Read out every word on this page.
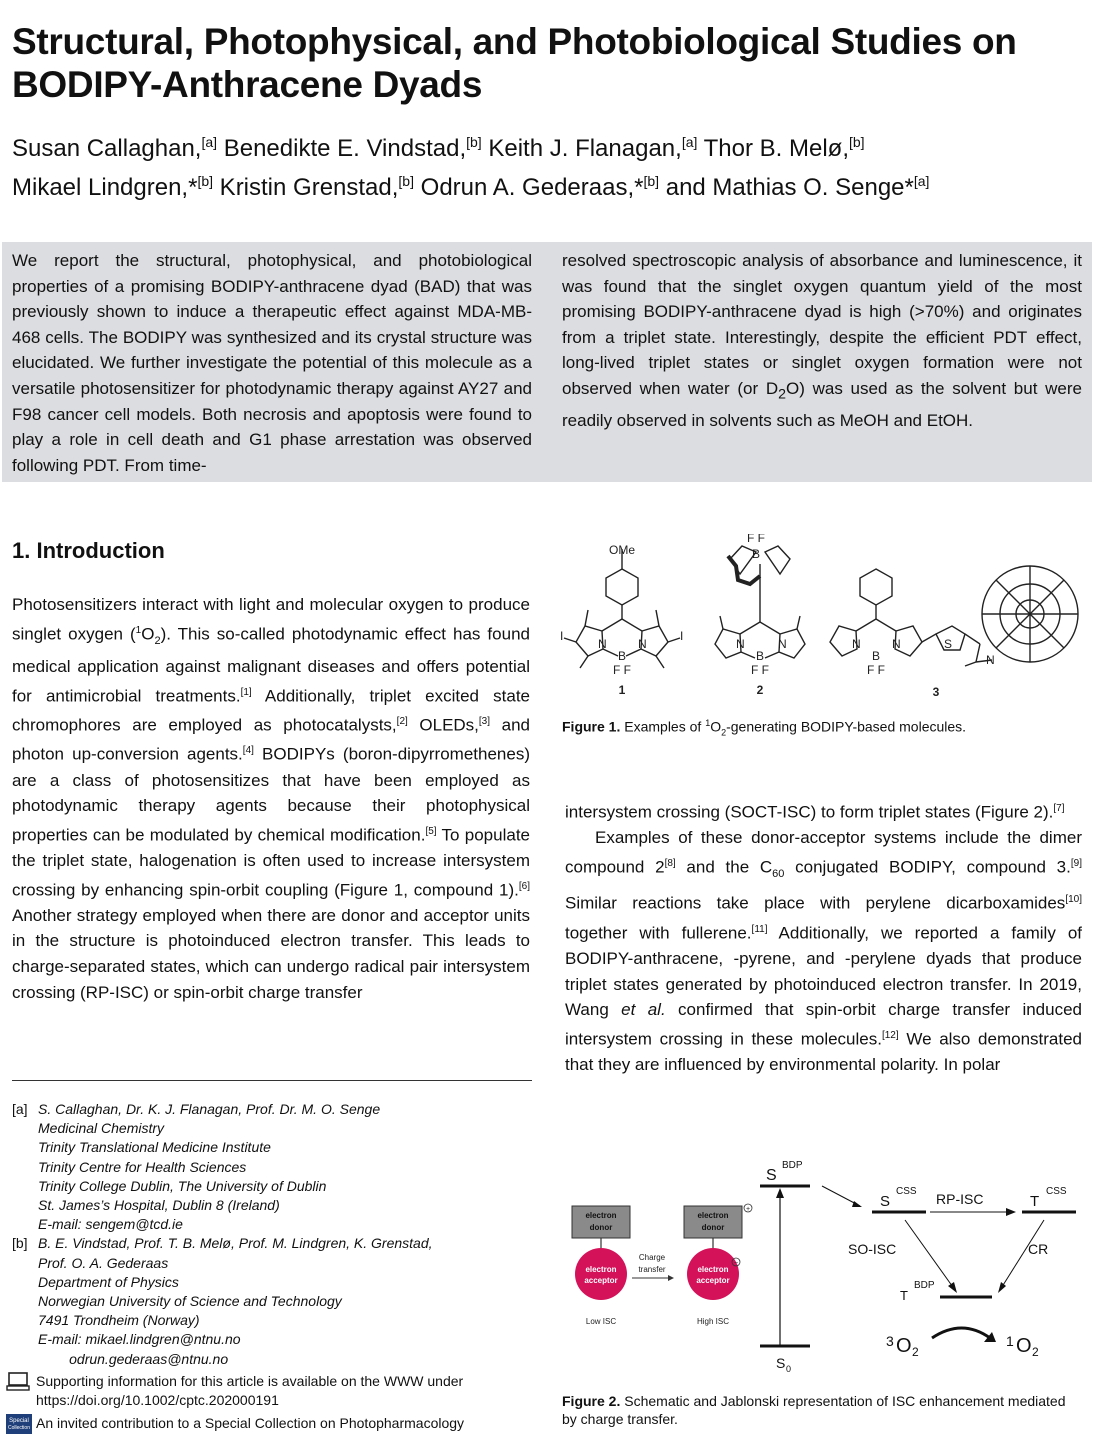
Structural, Photophysical, and Photobiological Studies on BODIPY-Anthracene Dyads
Susan Callaghan,[a] Benedikte E. Vindstad,[b] Keith J. Flanagan,[a] Thor B. Melø,[b]
Mikael Lindgren,*[b] Kristin Grenstad,[b] Odrun A. Gederaas,*[b] and Mathias O. Senge*[a]
We report the structural, photophysical, and photobiological properties of a promising BODIPY-anthracene dyad (BAD) that was previously shown to induce a therapeutic effect against MDA-MB-468 cells. The BODIPY was synthesized and its crystal structure was elucidated. We further investigate the potential of this molecule as a versatile photosensitizer for photodynamic therapy against AY27 and F98 cancer cell models. Both necrosis and apoptosis were found to play a role in cell death and G1 phase arrestation was observed following PDT. From time-
resolved spectroscopic analysis of absorbance and luminescence, it was found that the singlet oxygen quantum yield of the most promising BODIPY-anthracene dyad is high (>70%) and originates from a triplet state. Interestingly, despite the efficient PDT effect, long-lived triplet states or singlet oxygen formation were not observed when water (or $D_2O$) was used as the solvent but were readily observed in solvents such as MeOH and EtOH.
1. Introduction

Photosensitizers interact with light and molecular oxygen to produce singlet oxygen $(^1O_2)$. This so-called photodynamic effect has found medical application against malignant diseases and offers potential for antimicrobial treatments.[1] Additionally, triplet excited state chromophores are employed as photocatalysts,[2] OLEDs,[3] and photon up-conversion agents.[4] BODIPYs (boron-dipyrromethenes) are a class of photosensitizes that have been employed as photodynamic therapy agents because their photophysical properties can be modulated by chemical modification.[5] To populate the triplet state, halogenation is often used to increase intersystem crossing by enhancing spin-orbit coupling (Figure 1, compound 1).[6] Another strategy employed when there are donor and acceptor units in the structure is photoinduced electron transfer. This leads to charge-separated states, which can undergo radical pair intersystem crossing (RP-ISC) or spin-orbit charge transfer

intersystem crossing (SOCT-ISC) to form triplet states (Figure 2).[7]

Examples of these donor-acceptor systems include the dimer compound 2[8] and the $C_{60}$ conjugated BODIPY, compound 3.[9] Similar reactions take place with perylene dicarboxamides[10] together with fullerene.[11] Additionally, we reported a family of BODIPY-anthracene, -pyrene, and -perylene dyads that produce triplet states generated by photoinduced electron transfer. In 2019, Wang et al. confirmed that spin-orbit charge transfer induced intersystem crossing in these molecules.[12] We also demonstrated that they are influenced by environmental polarity. In polar

[a] S. Callaghan, Dr. K. J. Flanagan, Prof. Dr. M. O. Senge
Medicinal Chemistry
Trinity Translational Medicine Institute
Trinity Centre for Health Sciences
Trinity College Dublin, The University of Dublin
St. James’s Hospital, Dublin 8 (Ireland)
E-mail: sengem@tcd.ie
[b] B. E. Vindstad, Prof. T. B. Melø, Prof. M. Lindgren, K. Grenstad,
Prof. O. A. Gederaas
Department of Physics
Norwegian University of Science and Technology
7491 Trondheim (Norway)
E-mail: mikael.lindgren@ntnu.no
odrun.gederaas@ntnu.no
Supporting information for this article is available on the WWW under https://doi.org/10.1002/cptc.202000191
Special
Collection An invited contribution to a Special Collection on Photopharmacology
OMe
I	I
N	N
B
F F
1
F F
B
N	N
B
F F
2
N	N
B
F F
S
N
3
Figure 1. Examples of $^1O_2$-generating BODIPY-based molecules.
electron
donor
electron
acceptor
Low ISC
Charge
transfer
electron
donor
+
electron
acceptor
−
High ISC
S
BDP
S 0
S
CSS RP-ISC	T
CSS
SO-ISC	CR
T
BDP
3 O 2
1 O 2
Figure 2. Schematic and Jablonski representation of ISC enhancement mediated by charge transfer.
